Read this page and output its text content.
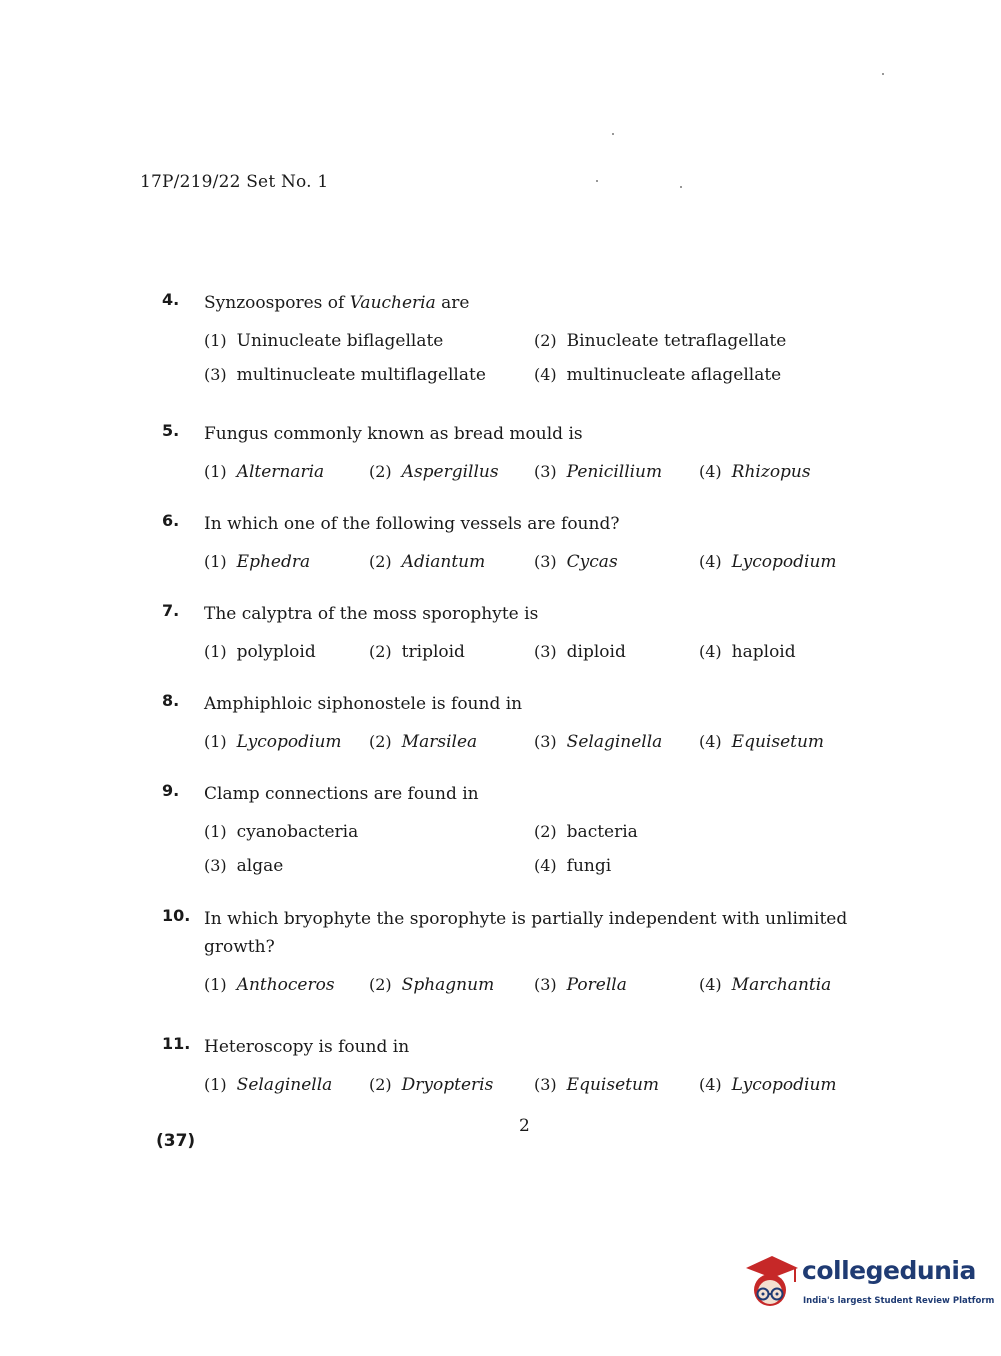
17P/219/22 Set No. 1
4.	Synzoospores of Vaucheria are
(1) Uninucleate biflagellate	(2) Binucleate tetraflagellate
(3) multinucleate multiflagellate	(4) multinucleate aflagellate
5.	Fungus commonly known as bread mould is
(1) Alternaria	(2) Aspergillus (3) Penicillium (4) Rhizopus
6.	In which one of the following vessels are found?
(1) Ephedra	(2) Adiantum	(3) Cycas	(4) Lycopodium
7.	The calyptra of the moss sporophyte is
(1) polyploid	(2) triploid	(3) diploid	(4) haploid
8.	Amphiphloic siphonostele is found in
(1) Lycopodium (2) Marsilea	(3) Selaginella (4) Equisetum
9.	Clamp connections are found in
(1) cyanobacteria	(2) bacteria
(3) algae	(4) fungi
10. In which bryophyte the sporophyte is partially independent with unlimited growth?
(1) Anthoceros (2) Sphagnum (3) Porella	(4) Marchantia
11. Heteroscopy is found in
(1) Selaginella (2) Dryopteris	(3) Equisetum (4) Lycopodium
2
(37)
collegedunia
India's largest Student Review Platform
